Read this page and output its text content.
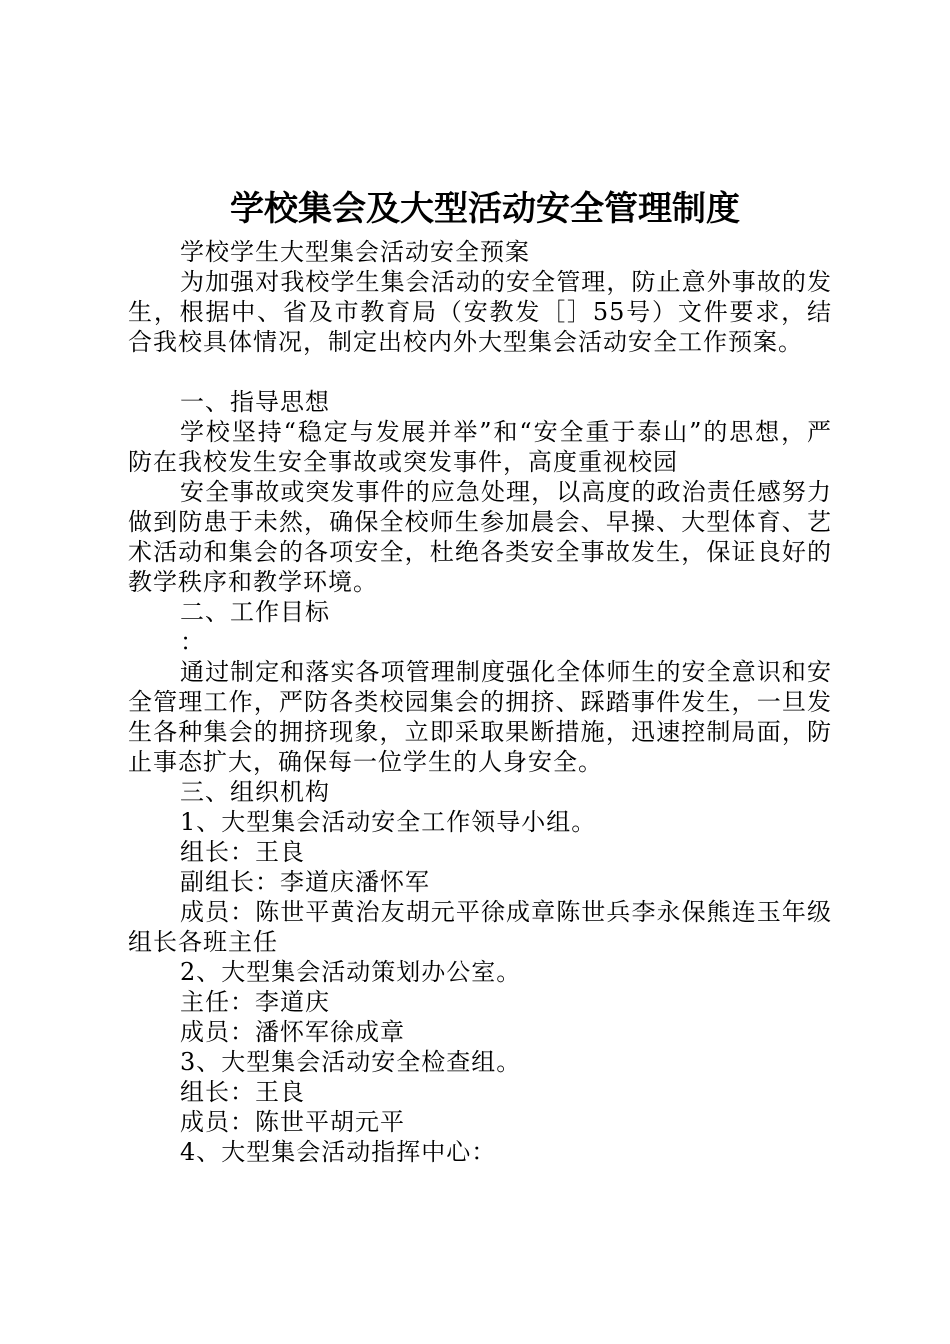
学校集会及大型活动安全管理制度

学校学生大型集会活动安全预案

为加强对我校学生集会活动的安全管理，防止意外事故的发生，根据中、省及市教育局（安教发［］55号）文件要求，结合我校具体情况，制定出校内外大型集会活动安全工作预案。

一、指导思想

学校坚持“稳定与发展并举”和“安全重于泰山”的思想，严防在我校发生安全事故或突发事件，高度重视校园

安全事故或突发事件的应急处理，以高度的政治责任感努力做到防患于未然，确保全校师生参加晨会、早操、大型体育、艺术活动和集会的各项安全，杜绝各类安全事故发生，保证良好的教学秩序和教学环境。

二、工作目标

：

通过制定和落实各项管理制度强化全体师生的安全意识和安全管理工作，严防各类校园集会的拥挤、踩踏事件发生，一旦发生各种集会的拥挤现象，立即采取果断措施，迅速控制局面，防止事态扩大，确保每一位学生的人身安全。

三、组织机构

1、大型集会活动安全工作领导小组。

组长：王良

副组长：李道庆潘怀军

成员：陈世平黄治友胡元平徐成章陈世兵李永保熊连玉年级组长各班主任

2、大型集会活动策划办公室。

主任：李道庆

成员：潘怀军徐成章

3、大型集会活动安全检查组。

组长：王良

成员：陈世平胡元平

4、大型集会活动指挥中心：
